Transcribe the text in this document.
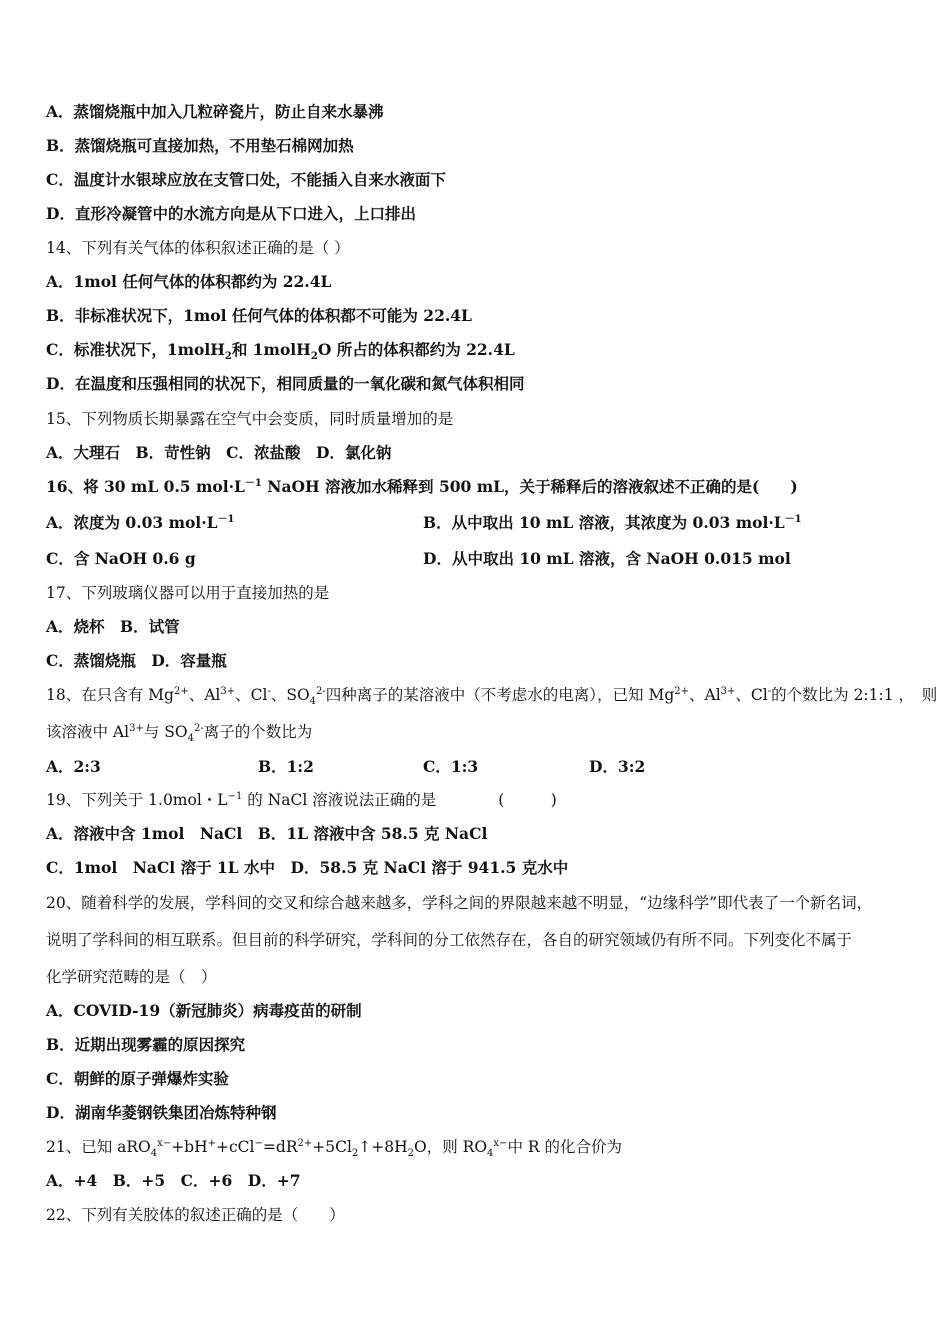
A．蒸馏烧瓶中加入几粒碎瓷片，防止自来水暴沸
B．蒸馏烧瓶可直接加热，不用垫石棉网加热
C．温度计水银球应放在支管口处，不能插入自来水液面下
D．直形冷凝管中的水流方向是从下口进入，上口排出
14、下列有关气体的体积叙述正确的是（ ）
A．1mol 任何气体的体积都约为 22.4L
B．非标准状况下，1mol 任何气体的体积都不可能为 22.4L
C．标准状况下，1molH$_2$和 1molH$_2$O 所占的体积都约为 22.4L
D．在温度和压强相同的状况下，相同质量的一氧化碳和氮气体积相同
15、下列物质长期暴露在空气中会变质，同时质量增加的是
A．大理石　B．苛性钠　C．浓盐酸　D．氯化钠
16、将 30 mL 0.5 $mol\cdot L^{-1}$ NaOH 溶液加水稀释到 500 mL，关于稀释后的溶液叙述不正确的是(　　)
A．浓度为 0.03 $mol\cdot L^{-1}$	B．从中取出 10 mL 溶液，其浓度为 0.03 $mol\cdot L^{-1}$
C．含 NaOH 0.6 g	D．从中取出 10 mL 溶液，含 NaOH 0.015 mol
17、下列玻璃仪器可以用于直接加热的是
A．烧杯　B．试管
C．蒸馏烧瓶　D．容量瓶
18、在只含有 $Mg^{2+}$、$Al^{3+}$、Cl-、$SO_4^{2-}$四种离子的某溶液中（不考虑水的电离），已知 $Mg^{2+}$、$Al^{3+}$、Cl-的个数比为 2:1:1 ，　则
该溶液中 $Al^{3+}$与 $SO_4^{2-}$离子的个数比为
A．2:3	B．1:2	C．1:3	D．3:2
19、下列关于 1.0mol・$L^{-1}$ 的 NaCl 溶液说法正确的是　　　　(　　　)
A．溶液中含 1mol　NaCl　B．1L 溶液中含 58.5 克 NaCl
C．1mol　NaCl 溶于 1L 水中　D．58.5 克 NaCl 溶于 941.5 克水中
20、随着科学的发展，学科间的交叉和综合越来越多，学科之间的界限越来越不明显，“边缘科学”即代表了一个新名词，
说明了学科间的相互联系。但目前的科学研究，学科间的分工依然存在，各自的研究领域仍有所不同。下列变化不属于
化学研究范畴的是（　）
A．COVID-19（新冠肺炎）病毒疫苗的研制
B．近期出现雾霾的原因探究
C．朝鲜的原子弹爆炸实验
D．湖南华菱钢铁集团冶炼特种钢
21、已知 $aRO_4^{x-}+bH^++cCl^-=dR^{2+}+5Cl_2↑+8H_2O$，则 $RO_4^{x-}$中 R 的化合价为
A．+4　B．+5　C．+6　D．+7
22、下列有关胶体的叙述正确的是（　　）
